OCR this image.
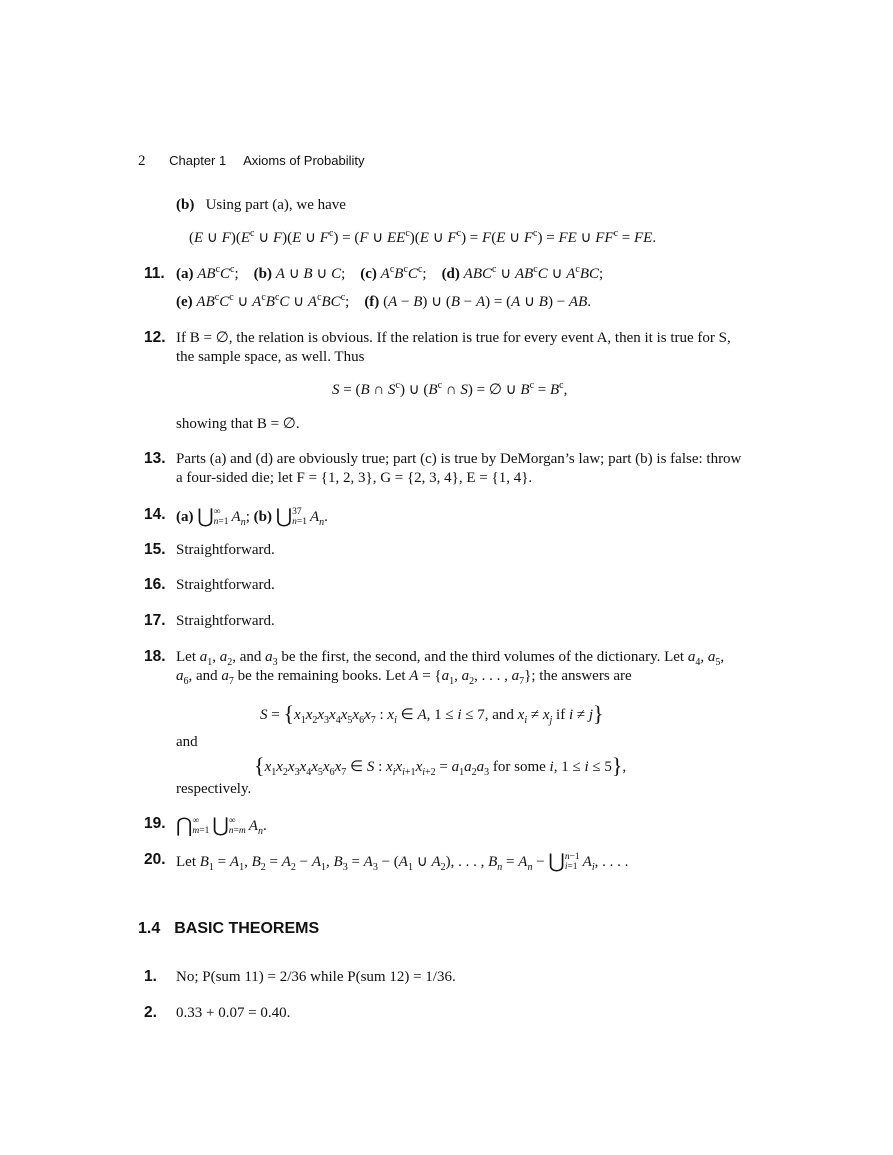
2 Chapter 1 Axioms of Probability
(b) Using part (a), we have
(E ∪ $F)(E^c$ ∪ F)(E ∪ $F^c) = (F$ ∪ $EE^c)(E$ ∪ $F^c) = F(E$ ∪ $F^c$) = FE ∪ $FF^c$ = FE.
11. (a) $AB^cC^c$;    (b) A ∪ B ∪ C;    (c) $A^cB^cC^c$;    (d) ABC$^c$ ∪ $AB^cC$ ∪ $A^cBC$;
(e) $AB^cC^c$ ∪ $A^cB^cC$ ∪ $A^cBC^c$;    (f) (A − B) ∪ (B − A) = (A ∪ B) − AB.
12. If B = ∅, the relation is obvious. If the relation is true for every event A, then it is true for S,
the sample space, as well. Thus
S = (B ∩ $S^c$) ∪ ($B^c$ ∩ S) = ∅ ∪ $B^c = B^c$,
showing that B = ∅.
13. Parts (a) and (d) are obviously true; part (c) is true by DeMorgan’s law; part (b) is false: throw
a four-sided die; let F = {1, 2, 3}, G = {2, 3, 4}, E = {1, 4}.
14. (a) ⋃ ∞
n=1 $A_n$; (b) ⋃ 37
n=1 $A_n$.
15. Straightforward.
16. Straightforward.
17. Straightforward.
18. Let $a_1$, $a_2$, and $a_3$ be the first, the second, and the third volumes of the dictionary. Let $a_4$, $a_5$,
$a_6$, and $a_7$ be the remaining books. Let $A = \{a_1$, $a_2$, . . . , $a_7$}; the answers are
$S = \{x_1x_2x_3x_4x_5x_6x_7$ : $x_i$ ∈ A, 1 ≤ i ≤ 7, and $x_i \ne x_j$ if i ≠ j}
and
{$x_1x_2x_3x_4x_5x_6x_7$ ∈ S : $x_ix_{i+1}x_{i+2} = a_1a_2a_3$ for some i, 1 ≤ i ≤ 5},
respectively.
19. ⋂ ∞
m=1 ⋃ ∞
n=m $A_n$.
20. Let $B_1 = A_1$, $B_2 = A_2 - A_1$, $B_3 = A_3 - (A_1$ ∪ $A_2$), . . . , $B_n = A_n$ − ⋃ n−1
i=1 $A_i$, . . . .
1.4 BASIC THEOREMS
1. No; P(sum 11) = 2/36 while P(sum 12) = 1/36.
2. 0.33 + 0.07 = 0.40.
